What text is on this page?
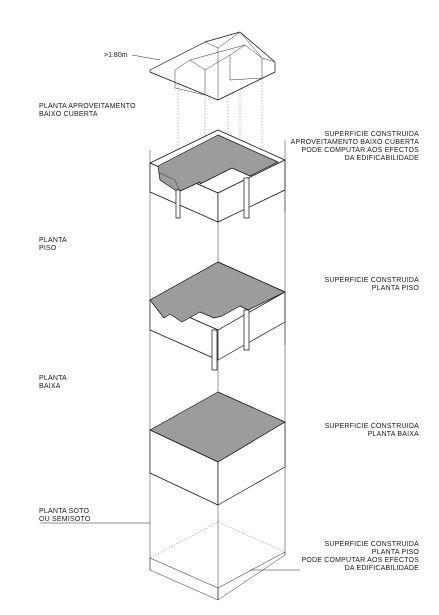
>1.80m
PLANTA APROVEITAMENTO
BAIXO CUBERTA
SUPERFICIE CONSTRUIDA
APROVEITAMENTO BAIXO CUBERTA
PODE COMPUTAR AOS EFECTOS
DA EDIFICABILIDADE
PLANTA
PISO
SUPERFICIE CONSTRUIDA
PLANTA PISO
PLANTA
BAIXA
SUPERFICIE CONSTRUIDA
PLANTA BAIXA
PLANTA SOTO
OU SEMISOTO
SUPERFICIE CONSTRUIDA
PLANTA PISO
PODE COMPUTAR AOS EFECTOS
DA EDIFICABILIDADE
